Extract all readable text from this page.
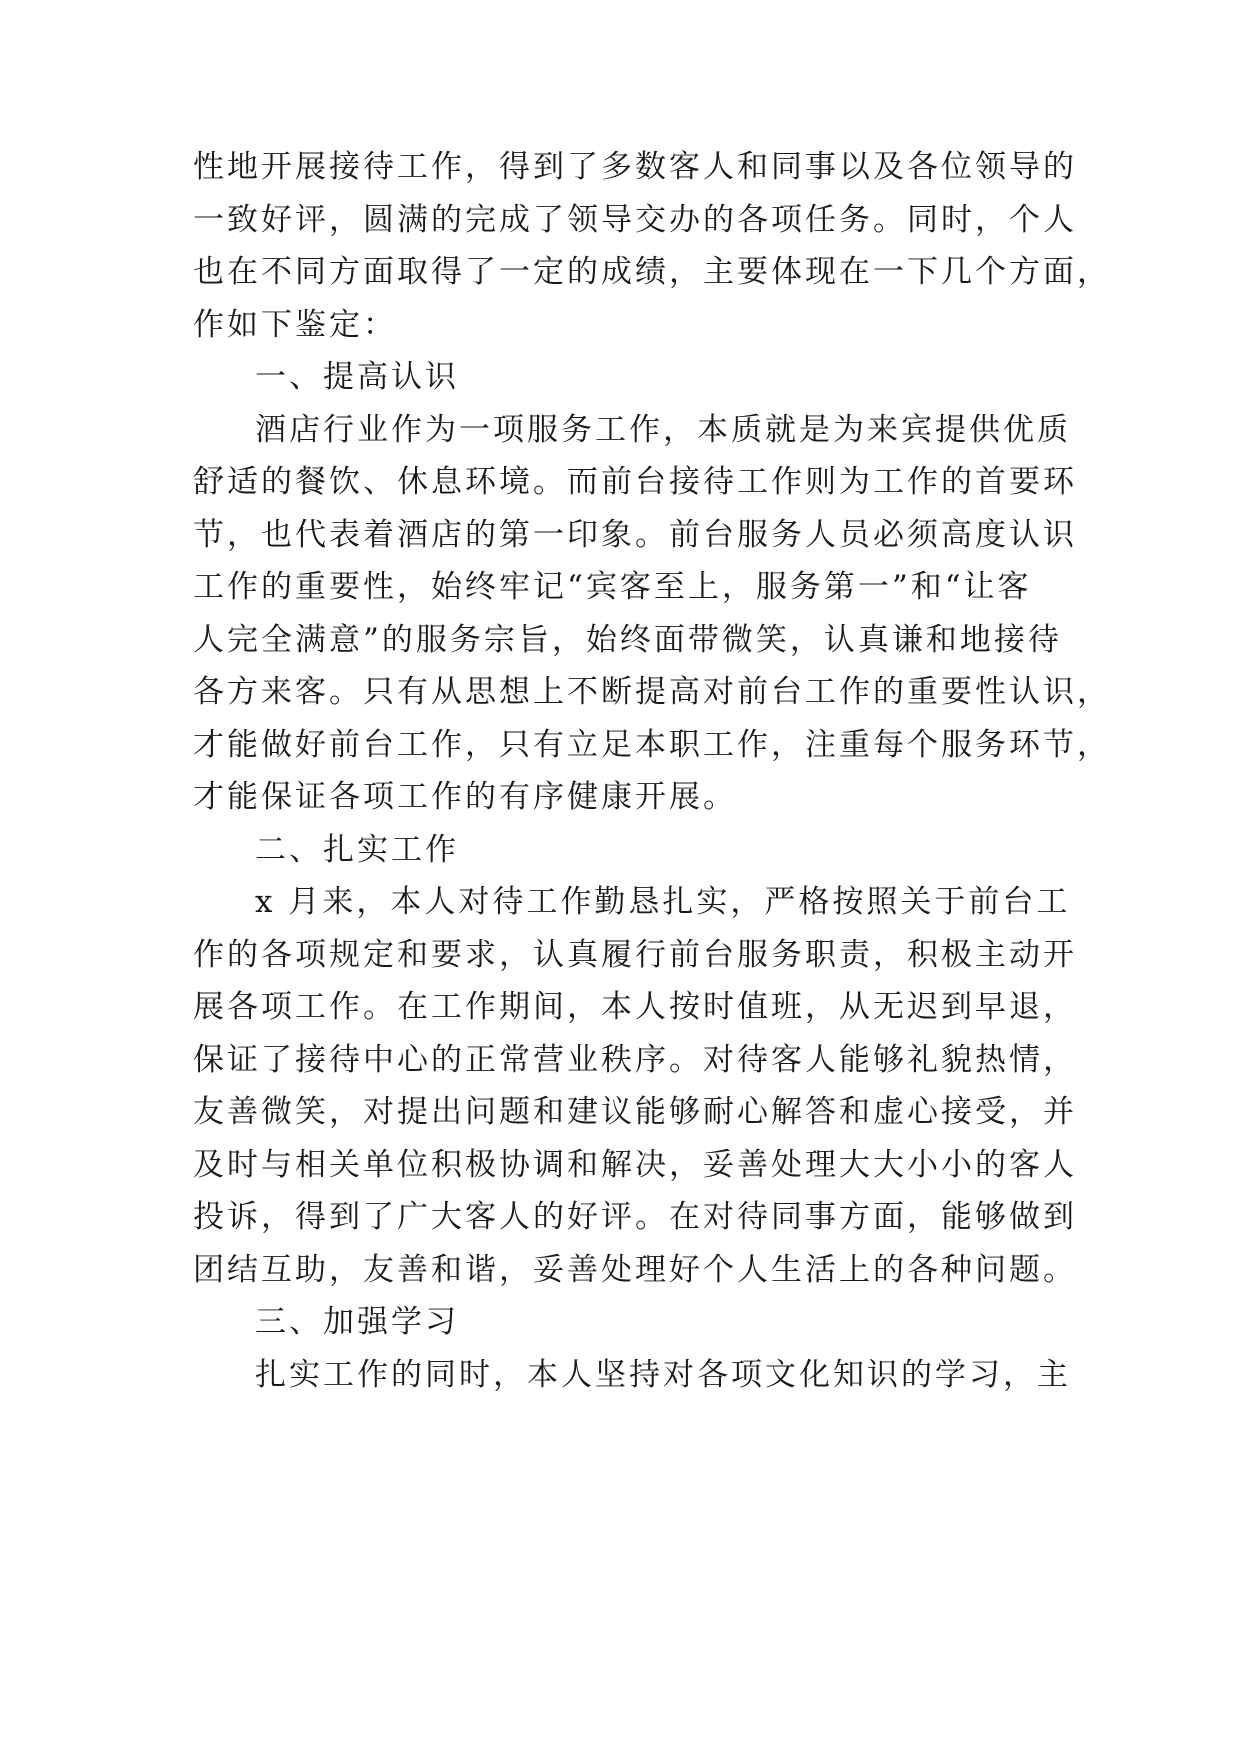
性地开展接待工作，得到了多数客人和同事以及各位领导的
一致好评，圆满的完成了领导交办的各项任务。同时，个人
也在不同方面取得了一定的成绩，主要体现在一下几个方面，
作如下鉴定：
一、提高认识
酒店行业作为一项服务工作，本质就是为来宾提供优质
舒适的餐饮、休息环境。而前台接待工作则为工作的首要环
节，也代表着酒店的第一印象。前台服务人员必须高度认识
工作的重要性，始终牢记“宾客至上，服务第一”和“让客
人完全满意”的服务宗旨，始终面带微笑，认真谦和地接待
各方来客。只有从思想上不断提高对前台工作的重要性认识，
才能做好前台工作，只有立足本职工作，注重每个服务环节，
才能保证各项工作的有序健康开展。
二、扎实工作
x 月来，本人对待工作勤恳扎实，严格按照关于前台工
作的各项规定和要求，认真履行前台服务职责，积极主动开
展各项工作。在工作期间，本人按时值班，从无迟到早退，
保证了接待中心的正常营业秩序。对待客人能够礼貌热情，
友善微笑，对提出问题和建议能够耐心解答和虚心接受，并
及时与相关单位积极协调和解决，妥善处理大大小小的客人
投诉，得到了广大客人的好评。在对待同事方面，能够做到
团结互助，友善和谐，妥善处理好个人生活上的各种问题。
三、加强学习
扎实工作的同时，本人坚持对各项文化知识的学习，主
